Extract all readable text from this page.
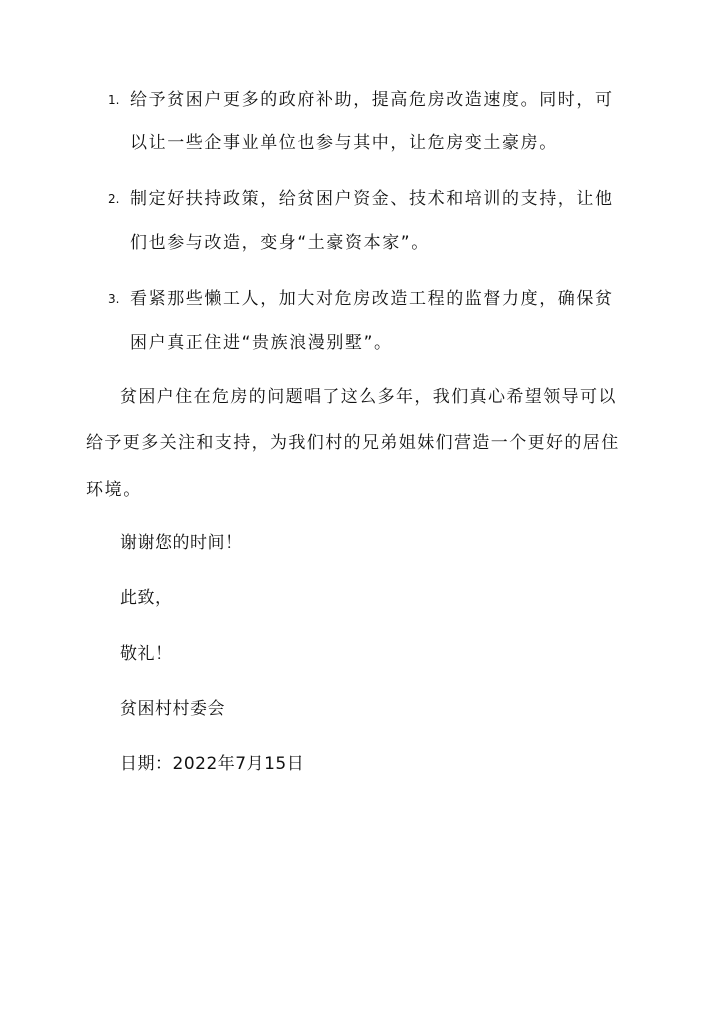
1. 给予贫困户更多的政府补助，提高危房改造速度。同时，可
以让一些企事业单位也参与其中，让危房变土豪房。
2. 制定好扶持政策，给贫困户资金、技术和培训的支持，让他
们也参与改造，变身“土豪资本家”。
3. 看紧那些懒工人，加大对危房改造工程的监督力度，确保贫
困户真正住进“贵族浪漫别墅”。
贫困户住在危房的问题唱了这么多年，我们真心希望领导可以
给予更多关注和支持，为我们村的兄弟姐妹们营造一个更好的居住
环境。
谢谢您的时间！
此致，
敬礼！
贫困村村委会
日期：2022年7月15日
